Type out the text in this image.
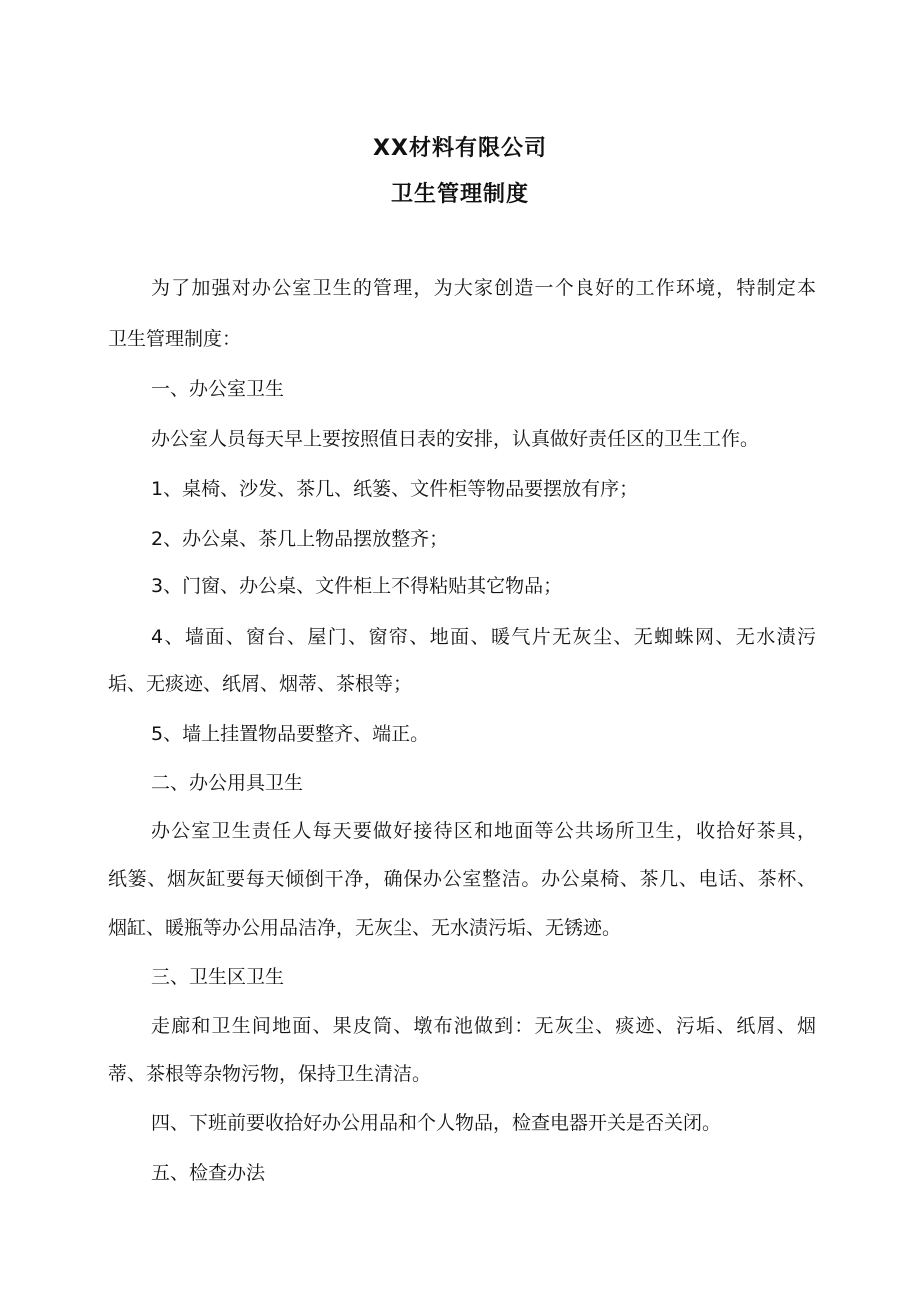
XX材料有限公司
卫生管理制度
为了加强对办公室卫生的管理，为大家创造一个良好的工作环境，特制定本
卫生管理制度：
一、办公室卫生
办公室人员每天早上要按照值日表的安排，认真做好责任区的卫生工作。
1、桌椅、沙发、茶几、纸篓、文件柜等物品要摆放有序；
2、办公桌、茶几上物品摆放整齐；
3、门窗、办公桌、文件柜上不得粘贴其它物品；
4、墙面、窗台、屋门、窗帘、地面、暖气片无灰尘、无蜘蛛网、无水渍污
垢、无痰迹、纸屑、烟蒂、茶根等；
5、墙上挂置物品要整齐、端正。
二、办公用具卫生
办公室卫生责任人每天要做好接待区和地面等公共场所卫生，收拾好茶具，
纸篓、烟灰缸要每天倾倒干净，确保办公室整洁。办公桌椅、茶几、电话、茶杯、
烟缸、暖瓶等办公用品洁净，无灰尘、无水渍污垢、无锈迹。
三、卫生区卫生
走廊和卫生间地面、果皮筒、墩布池做到：无灰尘、痰迹、污垢、纸屑、烟
蒂、茶根等杂物污物，保持卫生清洁。
四、下班前要收拾好办公用品和个人物品，检查电器开关是否关闭。
五、检查办法
